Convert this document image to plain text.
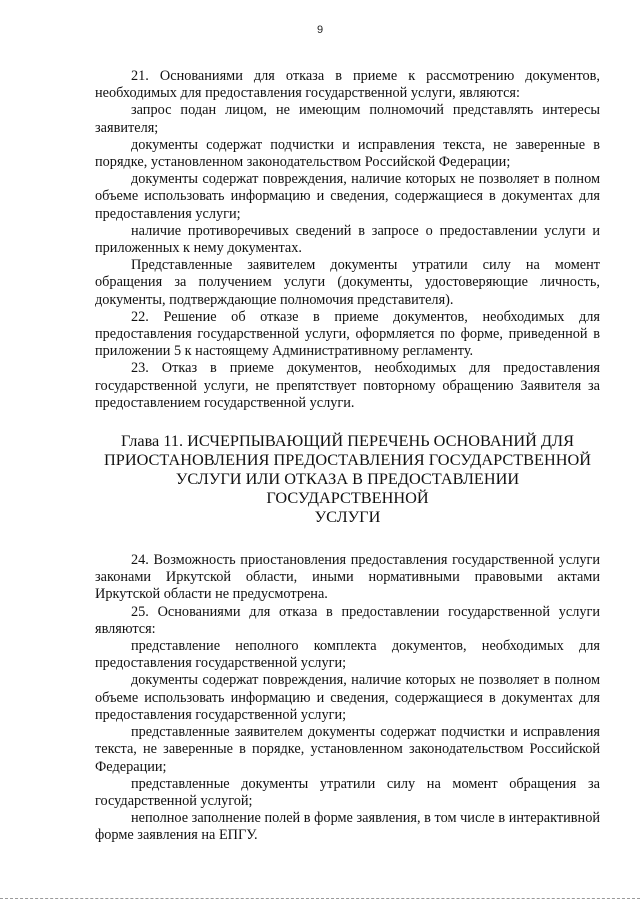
9

21. Основаниями для отказа в приеме к рассмотрению документов, необходимых для предоставления государственной услуги, являются:

запрос подан лицом, не имеющим полномочий представлять интересы заявителя;

документы содержат подчистки и исправления текста, не заверенные в порядке, установленном законодательством Российской Федерации;

документы содержат повреждения, наличие которых не позволяет в полном объеме использовать информацию и сведения, содержащиеся в документах для предоставления услуги;

наличие противоречивых сведений в запросе о предоставлении услуги и приложенных к нему документах.

Представленные заявителем документы утратили силу на момент обращения за получением услуги (документы, удостоверяющие личность, документы, подтверждающие полномочия представителя).

22. Решение об отказе в приеме документов, необходимых для предоставления государственной услуги, оформляется по форме, приведенной в приложении 5 к настоящему Административному регламенту.

23. Отказ в приеме документов, необходимых для предоставления государственной услуги, не препятствует повторному обращению Заявителя за предоставлением государственной услуги.

Глава 11. ИСЧЕРПЫВАЮЩИЙ ПЕРЕЧЕНЬ ОСНОВАНИЙ ДЛЯ
ПРИОСТАНОВЛЕНИЯ ПРЕДОСТАВЛЕНИЯ ГОСУДАРСТВЕННОЙ
УСЛУГИ ИЛИ ОТКАЗА В ПРЕДОСТАВЛЕНИИ ГОСУДАРСТВЕННОЙ
УСЛУГИ

24. Возможность приостановления предоставления государственной услуги законами Иркутской области, иными нормативными правовыми актами Иркутской области не предусмотрена.

25. Основаниями для отказа в предоставлении государственной услуги являются:

представление неполного комплекта документов, необходимых для предоставления государственной услуги;

документы содержат повреждения, наличие которых не позволяет в полном объеме использовать информацию и сведения, содержащиеся в документах для предоставления государственной услуги;

представленные заявителем документы содержат подчистки и исправления текста, не заверенные в порядке, установленном законодательством Российской Федерации;

представленные документы утратили силу на момент обращения за государственной услугой;

неполное заполнение полей в форме заявления, в том числе в интерактивной форме заявления на ЕПГУ.
